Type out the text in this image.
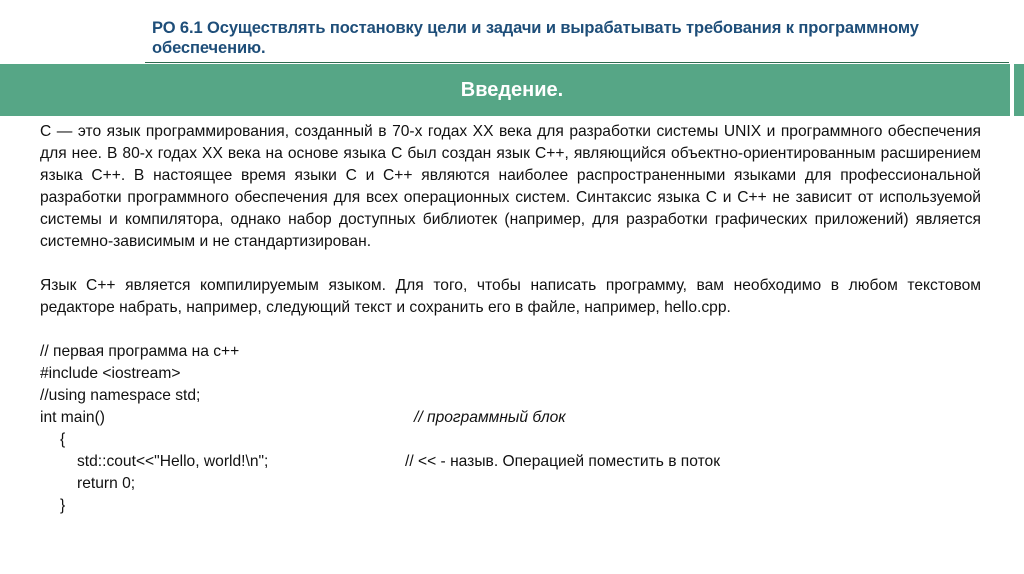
РО 6.1 Осуществлять постановку цели и задачи и вырабатывать требования к программному обеспечению.
Введение.

С — это язык программирования, созданный в 70-х годах XX века для разработки системы UNIX и программного обеспечения для нее. В 80-х годах XX века на основе языка С был создан язык C++, являющийся объектно-ориентированным расширением языка C++. В настоящее время языки С и C++ являются наиболее распространенными языками для профессиональной разработки программного обеспечения для всех операционных систем. Синтаксис языка С и C++ не зависит от используемой системы и компилятора, однако набор доступных библиотек (например, для разработки графических приложений) является системно-зависимым и не стандартизирован.

Язык С++ является компилируемым языком. Для того, чтобы написать программу, вам необходимо в любом текстовом редакторе набрать, например, следующий текст и сохранить его в файле, например, hello.cpp.

// первая программа на с++

#include <iostream>

//using namespace std;

int main()

	// программный блок

{

std::cout<<"Hello, world!\n";

	// << - назыв. Операцией поместить в поток

return 0;

}
